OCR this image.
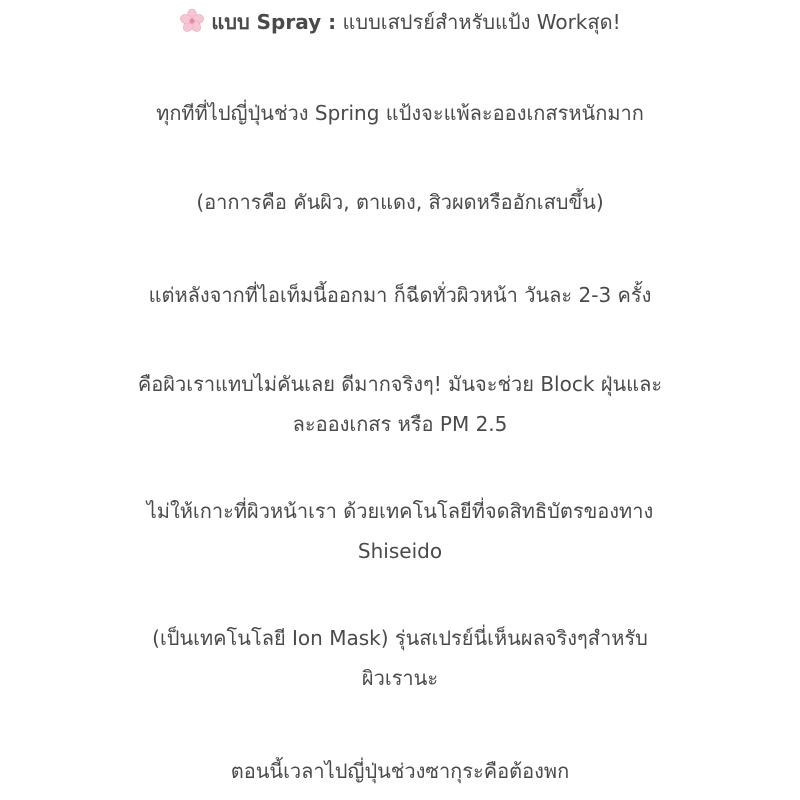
แบบ Spray : แบบเสปรย์สำหรับแป้ง Workสุด!

ทุกทีที่ไปญี่ปุ่นช่วง Spring แป้งจะแพ้ละอองเกสรหนักมาก

(อาการคือ คันผิว, ตาแดง, สิวผดหรืออักเสบขึ้น)

แต่หลังจากที่ไอเท็มนี้ออกมา ก็ฉีดทั่วผิวหน้า วันละ 2-3 ครั้ง

คือผิวเราแทบไม่คันเลย ดีมากจริงๆ! มันจะช่วย Block ฝุ่นและ
ละอองเกสร หรือ PM 2.5

ไม่ให้เกาะที่ผิวหน้าเรา ด้วยเทคโนโลยีที่จดสิทธิบัตรของทาง
Shiseido

(เป็นเทคโนโลยี Ion Mask) รุ่นสเปรย์นี่เห็นผลจริงๆสำหรับ
ผิวเรานะ

ตอนนี้เวลาไปญี่ปุ่นช่วงซากุระคือต้องพก
